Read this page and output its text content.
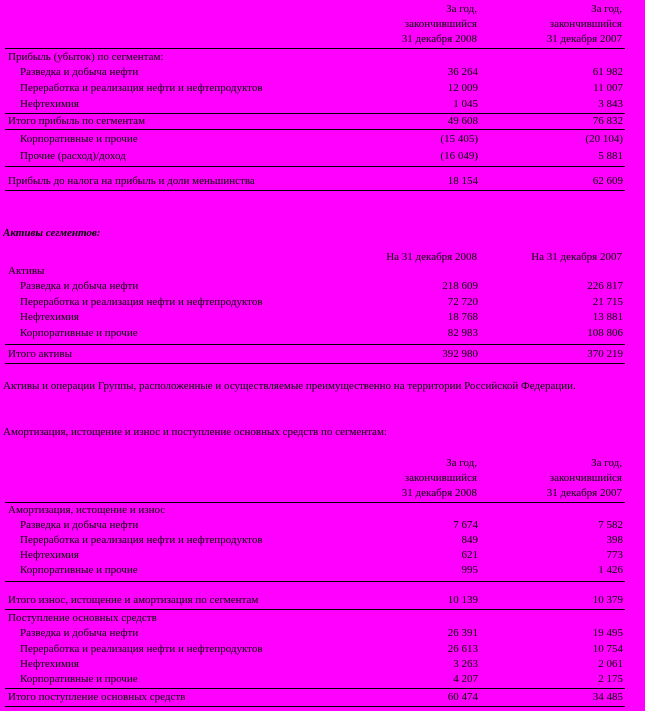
За год,
закончившийся
31 декабря 2008
За год,
закончившийся
31 декабря 2007
Прибыль (убыток) по сегментам:
Разведка и добыча нефти	36 264	61 982
Переработка и реализация нефти и нефтепродуктов	12 009	11 007
Нефтехимия	1 045	3 843
Итого прибыль по сегментам	49 608	76 832
Корпоративные и прочие	(15 405)	(20 104)
Прочие (расход)/доход	(16 049)	5 881
Прибыль до налога на прибыль и доли меньшинства	18 154	62 609
Активы сегментов:
На 31 декабря 2008	На 31 декабря 2007
Активы
Разведка и добыча нефти	218 609	226 817
Переработка и реализация нефти и нефтепродуктов	72 720	21 715
Нефтехимия	18 768	13 881
Корпоративные и прочие	82 983	108 806
Итого активы	392 980	370 219
Активы и операции Группы, расположенные и осуществляемые преимущественно на территории Российской Федерации.
Амортизация, истощение и износ и поступление основных средств по сегментам:
За год,
закончившийся
31 декабря 2008
За год,
закончившийся
31 декабря 2007
Амортизация, истощение и износ
Разведка и добыча нефти	7 674	7 582
Переработка и реализация нефти и нефтепродуктов	849	398
Нефтехимия	621	773
Корпоративные и прочие	995	1 426
Итого износ, истощение и амортизация по сегментам	10 139	10 379
Поступление основных средств
Разведка и добыча нефти	26 391	19 495
Переработка и реализация нефти и нефтепродуктов	26 613	10 754
Нефтехимия	3 263	2 061
Корпоративные и прочие	4 207	2 175
Итого поступление основных средств	60 474	34 485
